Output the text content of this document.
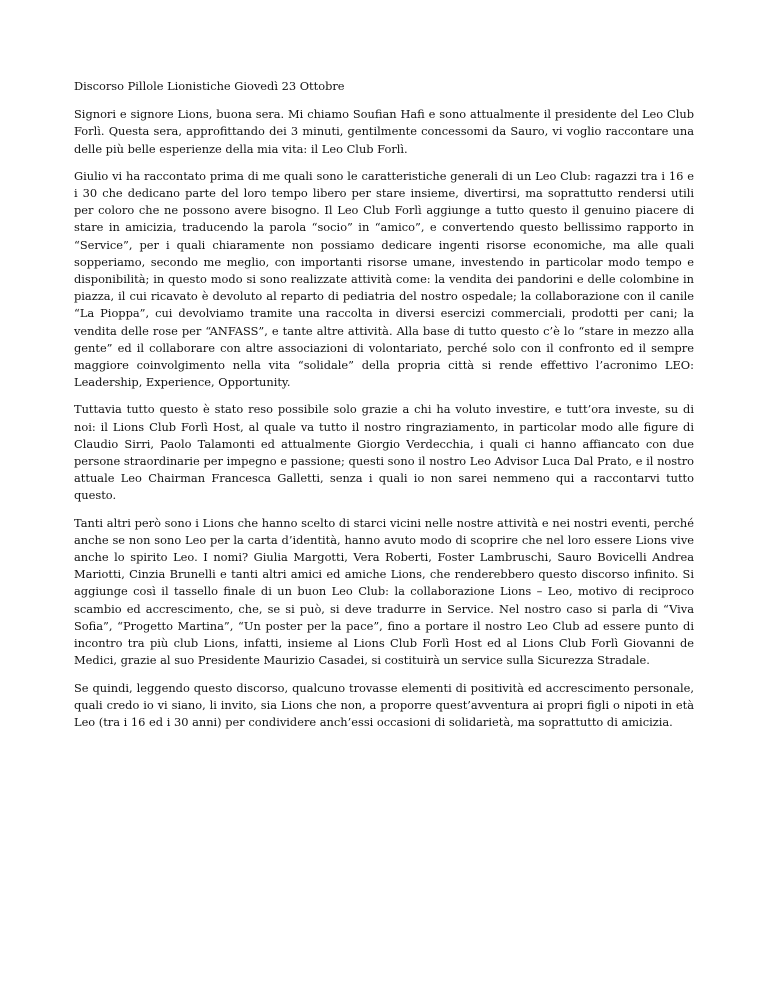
Discorso Pillole Lionistiche Giovedì 23 Ottobre

Signori e signore Lions, buona sera. Mi chiamo Soufian Hafi e sono attualmente il presidente del Leo Club Forlì. Questa sera, approfittando dei 3 minuti, gentilmente concessomi da Sauro, vi voglio raccontare una delle più belle esperienze della mia vita: il Leo Club Forlì.

Giulio vi ha raccontato prima di me quali sono le caratteristiche generali di un Leo Club: ragazzi tra i 16 e i 30 che dedicano parte del loro tempo libero per stare insieme, divertirsi, ma soprattutto rendersi utili per coloro che ne possono avere bisogno. Il Leo Club Forlì aggiunge a tutto questo il genuino piacere di stare in amicizia, traducendo la parola “socio” in “amico”, e convertendo questo bellissimo rapporto in “Service”, per i quali chiaramente non possiamo dedicare ingenti risorse economiche, ma alle quali sopperiamo, secondo me meglio, con importanti risorse umane, investendo in particolar modo tempo e disponibilità; in questo modo si sono realizzate attività come: la vendita dei pandorini e delle colombine in piazza, il cui ricavato è devoluto al reparto di pediatria del nostro ospedale; la collaborazione con il canile “La Pioppa”, cui devolviamo tramite una raccolta in diversi esercizi commerciali, prodotti per cani; la vendita delle rose per “ANFASS”, e tante altre attività. Alla base di tutto questo c’è lo “stare in mezzo alla gente” ed il collaborare con altre associazioni di volontariato, perché solo con il confronto ed il sempre maggiore coinvolgimento nella vita “solidale” della propria città si rende effettivo l’acronimo LEO: Leadership, Experience, Opportunity.

Tuttavia tutto questo è stato reso possibile solo grazie a chi ha voluto investire, e tutt’ora investe, su di noi: il Lions Club Forlì Host, al quale va tutto il nostro ringraziamento, in particolar modo alle figure di Claudio Sirri, Paolo Talamonti ed attualmente Giorgio Verdecchia, i quali ci hanno affiancato con due persone straordinarie per impegno e passione; questi sono il nostro Leo Advisor Luca Dal Prato, e il nostro attuale Leo Chairman Francesca Galletti, senza i quali io non sarei nemmeno qui a raccontarvi tutto questo.

Tanti altri però sono i Lions che hanno scelto di starci vicini nelle nostre attività e nei nostri eventi, perché anche se non sono Leo per la carta d’identità, hanno avuto modo di scoprire che nel loro essere Lions vive anche lo spirito Leo. I nomi? Giulia Margotti, Vera Roberti, Foster Lambruschi, Sauro Bovicelli Andrea Mariotti, Cinzia Brunelli e tanti altri amici ed amiche Lions, che renderebbero questo discorso infinito. Si aggiunge così il tassello finale di un buon Leo Club: la collaborazione Lions – Leo, motivo di reciproco scambio ed accrescimento, che, se si può, si deve tradurre in Service. Nel nostro caso si parla di “Viva Sofia”, “Progetto Martina”, “Un poster per la pace”, fino a portare il nostro Leo Club ad essere punto di incontro tra più club Lions, infatti, insieme al Lions Club Forlì Host ed al Lions Club Forlì Giovanni de Medici, grazie al suo Presidente Maurizio Casadei, si costituirà un service sulla Sicurezza Stradale.

Se quindi, leggendo questo discorso, qualcuno trovasse elementi di positività ed accrescimento personale, quali credo io vi siano, li invito, sia Lions che non, a proporre quest’avventura ai propri figli o nipoti in età Leo (tra i 16 ed i 30 anni) per condividere anch’essi occasioni di solidarietà, ma soprattutto di amicizia.
